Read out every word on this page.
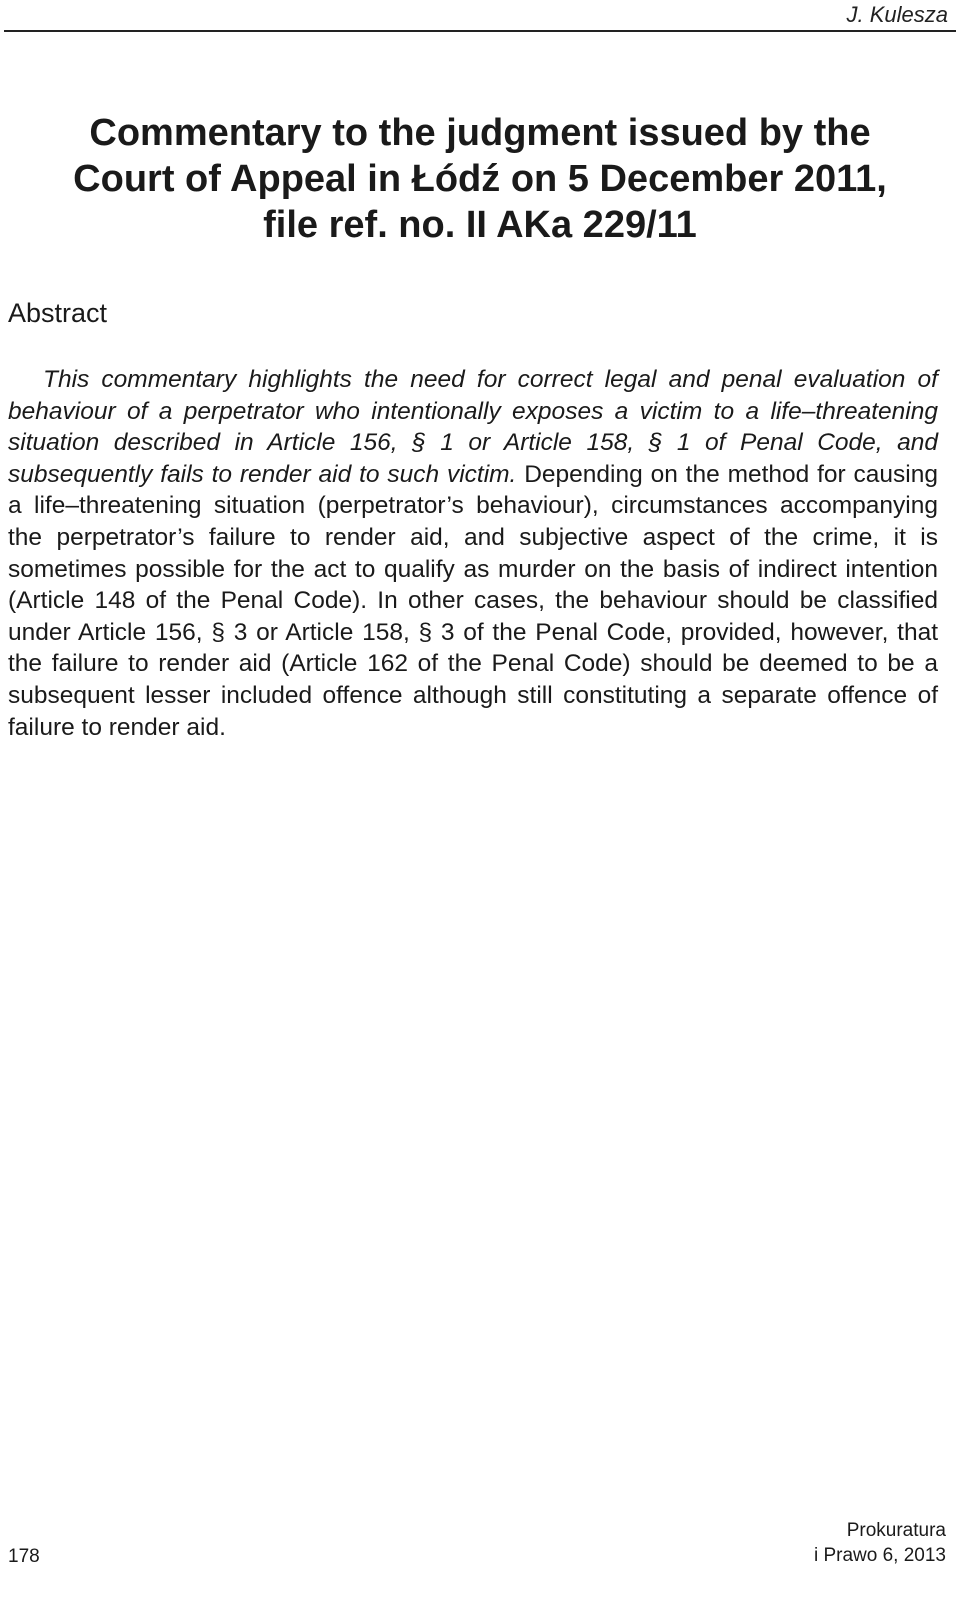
J. Kulesza
Commentary to the judgment issued by the
Court of Appeal in Łódź on 5 December 2011,
file ref. no. II AKa 229/11
Abstract

This commentary highlights the need for correct legal and penal evaluation of behaviour of a perpetrator who intentionally exposes a victim to a life–threatening situation described in Article 156, § 1 or Article 158, § 1 of Penal Code, and subsequently fails to render aid to such victim. Depending on the method for causing a life–threatening situation (perpetrator’s behaviour), circumstances accompanying the perpetrator’s failure to render aid, and subjective aspect of the crime, it is sometimes possible for the act to qualify as murder on the basis of indirect intention (Article 148 of the Penal Code). In other cases, the behaviour should be classified under Article 156, § 3 or Article 158, § 3 of the Penal Code, provided, however, that the failure to render aid (Article 162 of the Penal Code) should be deemed to be a subsequent lesser included offence although still constituting a separate offence of failure to render aid.

178
Prokuratura
i Prawo 6, 2013
